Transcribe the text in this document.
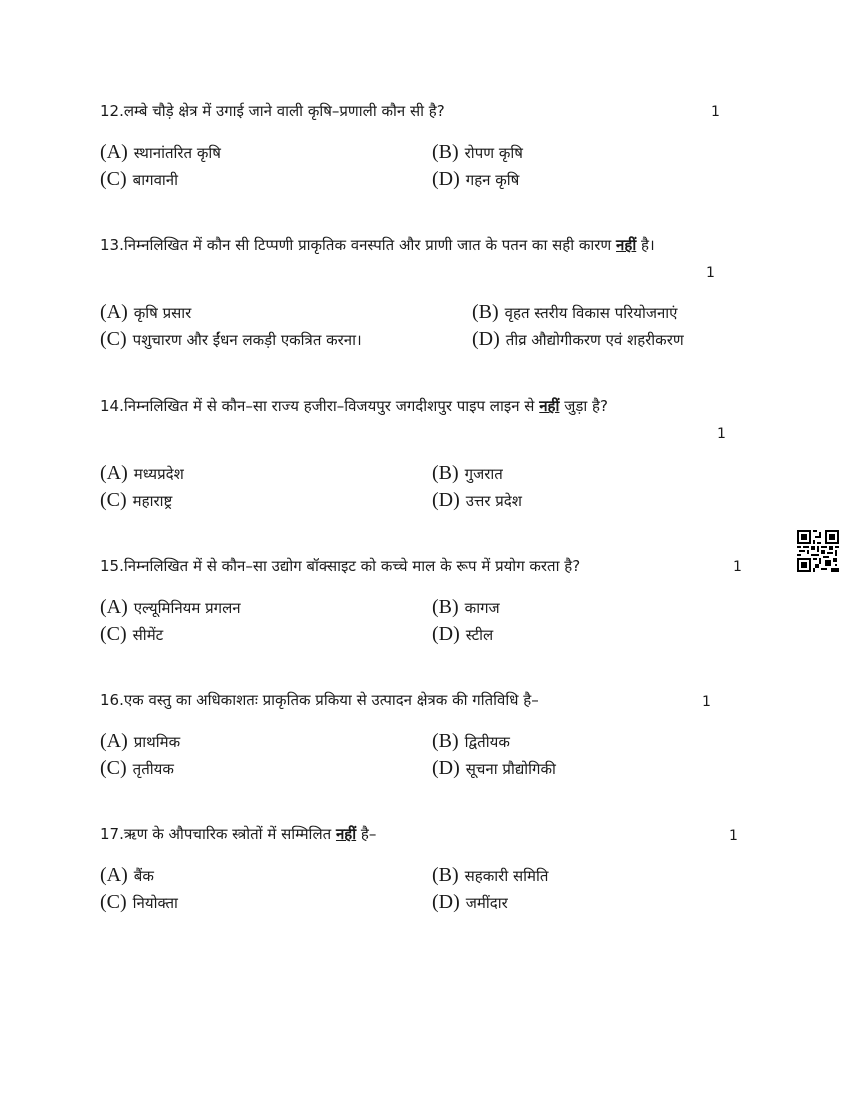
12.लम्बे चौड़े क्षेत्र में उगाई जाने वाली कृषि–प्रणाली कौन सी है?	1
(A) स्थानांतरित कृषि	(B) रोपण कृषि
(C) बागवानी	(D) गहन कृषि

13.निम्नलिखित में कौन सी टिप्पणी प्राकृतिक वनस्पति और प्राणी जात के पतन का सही कारण नहीं है।

1
(A) कृषि प्रसार	(B) वृहत स्तरीय विकास परियोजनाएं
(C) पशुचारण और ईंधन लकड़ी एकत्रित करना।	(D) तीव्र औद्योगीकरण एवं शहरीकरण

14.निम्नलिखित में से कौन–सा राज्य हजीरा–विजयपुर जगदीशपुर पाइप लाइन से नहीं जुड़ा है?

1
(A) मध्यप्रदेश	(B) गुजरात
(C) महाराष्ट्र	(D) उत्तर प्रदेश

15.निम्नलिखित में से कौन–सा उद्योग बॉक्साइट को कच्चे माल के रूप में प्रयोग करता है?	1
(A) एल्यूमिनियम प्रगलन	(B) कागज
(C) सीमेंट	(D) स्टील

16.एक वस्तु का अधिकाशतः प्राकृतिक प्रकिया से उत्पादन क्षेत्रक की गतिविधि है–	1
(A) प्राथमिक	(B) द्वितीयक
(C) तृतीयक	(D) सूचना प्रौद्योगिकी

17.ऋण के औपचारिक स्त्रोतों में सम्मिलित नहीं है–	1
(A) बैंक	(B) सहकारी समिति
(C) नियोक्ता	(D) जमींदार
